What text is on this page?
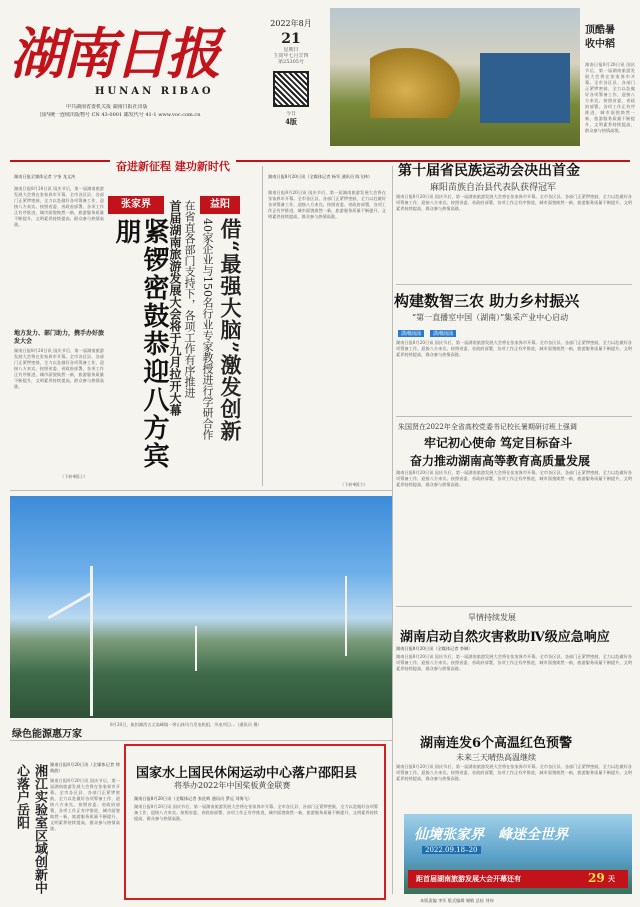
湖南日报
HUNAN RIBAO
中共湖南省委机关报 湖南日报社出版
国内统一连续出版物号 CN 43-0001 邮发代号 41-1 www.voc.com.cn
2022年8月
21
星期日
壬寅年七月廿四
第25305号
今日
4版
顶酷暑
收中稻
湖南日报8月20日讯 国庆节后，第一届湖南旅游发展大会将在张家界市开幕。全市各区县、各部门正紧锣密鼓，全力以赴做好各项筹备工作，迎接八方来宾。按照省委、省政府部署，各项工作正有序推进，城市面貌焕然一新，旅游服务质量不断提升，文明素养持续提高，群众参与热情高涨。
奋进新征程 建功新时代
湖南日报全媒体记者 宁奎 龙文泱
湖南日报8月20日讯 国庆节后，第一届湖南旅游发展大会将在张家界市开幕。全市各区县、各部门正紧锣密鼓，全力以赴做好各项筹备工作，迎接八方来宾。按照省委、省政府部署，各项工作正有序推进，城市面貌焕然一新，旅游服务质量不断提升，文明素养持续提高，群众参与热情高涨。
地方发力、部门助力，携手办好旅发大会
湖南日报8月20日讯 国庆节后，第一届湖南旅游发展大会将在张家界市开幕。全市各区县、各部门正紧锣密鼓，全力以赴做好各项筹备工作，迎接八方来宾。按照省委、省政府部署，各项工作正有序推进，城市面貌焕然一新，旅游服务质量不断提升，文明素养持续提高，群众参与热情高涨。
（下转4版①）
张家界
紧锣密鼓恭迎八方宾朋
益阳
在省直各部门支持下，各项工作有序推进
首届湖南旅游发展大会将于九月拉开大幕 借“最强大脑”激发创新
40家企业与150名行业专家教授进行学研合作
湖南日报8月20日讯（全媒体记者 杨军 通讯员 陈飞林）
湖南日报8月20日讯 国庆节后，第一届湖南旅游发展大会将在张家界市开幕。全市各区县、各部门正紧锣密鼓，全力以赴做好各项筹备工作，迎接八方来宾。按照省委、省政府部署，各项工作正有序推进，城市面貌焕然一新，旅游服务质量不断提升，文明素养持续提高，群众参与热情高涨。
（下转4版③）
第十届省民族运动会决出首金
麻阳苗族自治县代表队获得冠军
湖南日报8月20日讯 国庆节后，第一届湖南旅游发展大会将在张家界市开幕。全市各区县、各部门正紧锣密鼓，全力以赴做好各项筹备工作，迎接八方来宾。按照省委、省政府部署，各项工作正有序推进，城市面貌焕然一新，旅游服务质量不断提升，文明素养持续提高，群众参与热情高涨。
构建数智三农 助力乡村振兴
“第一直播室中国（湖南）”集采产业中心启动
潇湘涌涌	潇湘涌涌
湖南日报8月20日讯 国庆节后，第一届湖南旅游发展大会将在张家界市开幕。全市各区县、各部门正紧锣密鼓，全力以赴做好各项筹备工作，迎接八方来宾。按照省委、省政府部署，各项工作正有序推进，城市面貌焕然一新，旅游服务质量不断提升，文明素养持续提高，群众参与热情高涨。
朱国贤在2022年全省高校党委书记校长暑期研讨班上强调
牢记初心使命 笃定目标奋斗
奋力推动湖南高等教育高质量发展
湖南日报8月20日讯 国庆节后，第一届湖南旅游发展大会将在张家界市开幕。全市各区县、各部门正紧锣密鼓，全力以赴做好各项筹备工作，迎接八方来宾。按照省委、省政府部署，各项工作正有序推进，城市面貌焕然一新，旅游服务质量不断提升，文明素养持续提高，群众参与热情高涨。
绿色能源惠万家
8月20日，航拍湘西古丈高峰镇一带山体风力发电机组，风电项目…（通讯员 摄）
旱情持续发展
湖南启动自然灾害救助Ⅳ级应急响应
湖南日报8月20日讯（全媒体记者 李琳）
湖南日报8月20日讯 国庆节后，第一届湖南旅游发展大会将在张家界市开幕。全市各区县、各部门正紧锣密鼓，全力以赴做好各项筹备工作，迎接八方来宾。按照省委、省政府部署，各项工作正有序推进，城市面貌焕然一新，旅游服务质量不断提升，文明素养持续提高，群众参与热情高涨。
湖南连发6个高温红色预警
未来三天晴热高温继续
湖南日报8月20日讯 国庆节后，第一届湖南旅游发展大会将在张家界市开幕。全市各区县、各部门正紧锣密鼓，全力以赴做好各项筹备工作，迎接八方来宾。按照省委、省政府部署，各项工作正有序推进，城市面貌焕然一新，旅游服务质量不断提升，文明素养持续提高，群众参与热情高涨。
国家水上国民休闲运动中心落户邵阳县
将举办2022年中国桨板黄金联赛
湖南日报8月20日讯（全媒体记者 张佐辉 通讯员 罗远 刘海飞）
湖南日报8月20日讯 国庆节后，第一届湖南旅游发展大会将在张家界市开幕。全市各区县、各部门正紧锣密鼓，全力以赴做好各项筹备工作，迎接八方来宾。按照省委、省政府部署，各项工作正有序推进，城市面貌焕然一新，旅游服务质量不断提升，文明素养持续提高，群众参与热情高涨。
湘江实验室区域创新中心落户岳阳	湖南日报8月20日讯（全媒体记者 徐典波）
湖南日报8月20日讯 国庆节后，第一届湖南旅游发展大会将在张家界市开幕。全市各区县、各部门正紧锣密鼓，全力以赴做好各项筹备工作，迎接八方来宾。按照省委、省政府部署，各项工作正有序推进，城市面貌焕然一新，旅游服务质量不断提升，文明素养持续提高，群众参与热情高涨。	仙境张家界 峰迷全世界
2022.09.18–20
距首届湖南旅游发展大会开幕还有	29 天
本版责编 李军 版式编辑 谢敏 总检 刘伟
